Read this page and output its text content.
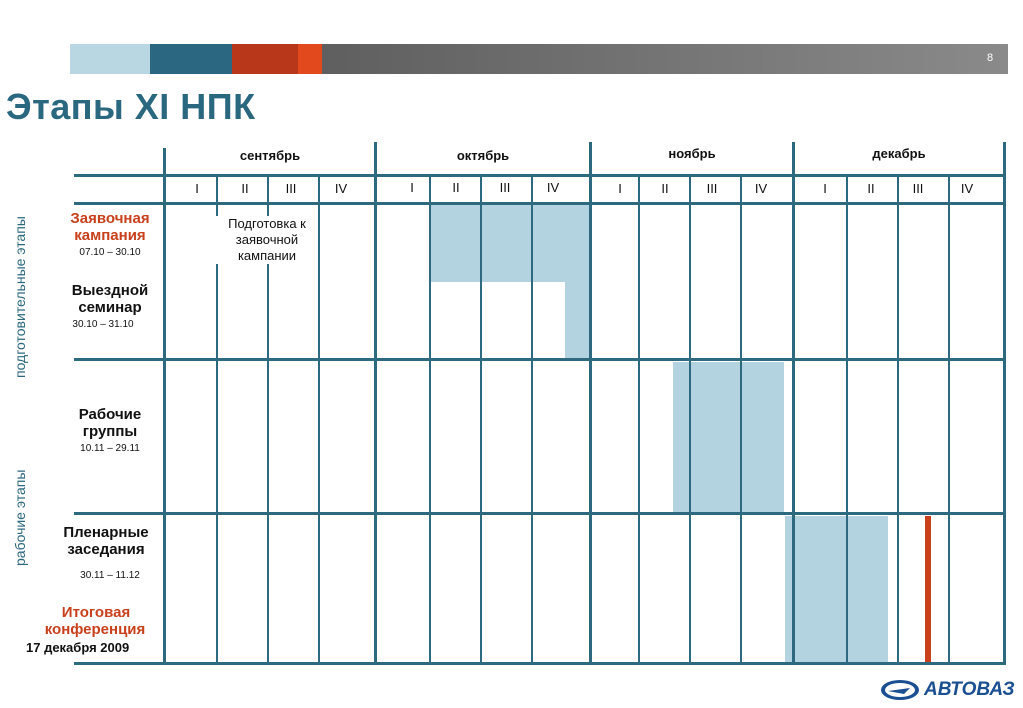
8
Этапы XI НПК
подготовительные этапы
рабочие этапы
сентябрь	октябрь	ноябрь	декабрь
I	II	III	IV	I	II	III	IV	I	II	III	IV	I	II	III	IV
Подготовка к
заявочной
кампании
Заявочная
кампания
07.10 – 30.10
Выездной
семинар
30.10 – 31.10
Рабочие
группы
10.11 – 29.11
Пленарные
заседания
30.11 – 11.12
Итоговая
конференция
17 декабря 2009
АВТОВАЗ
